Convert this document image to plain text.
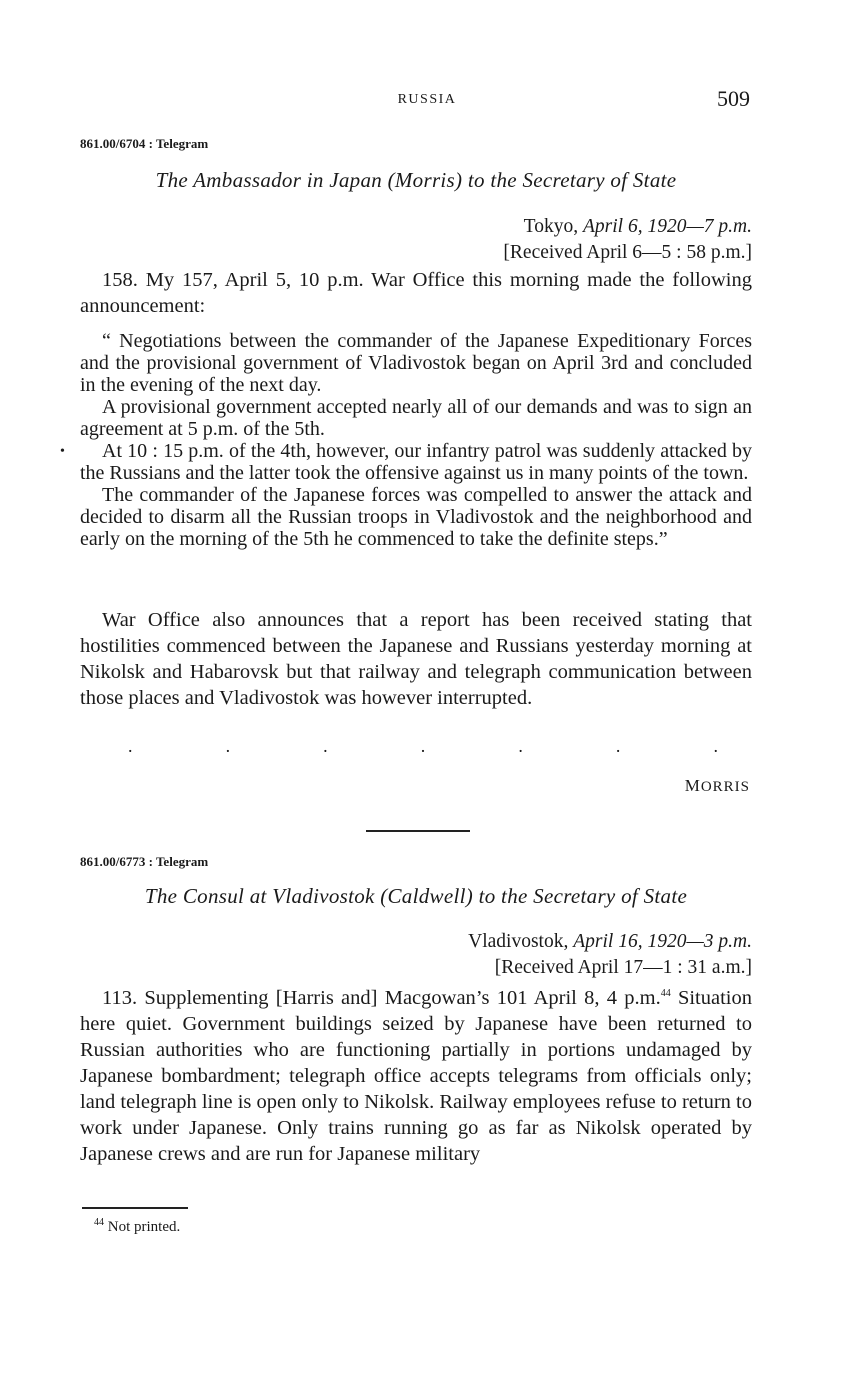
RUSSIA	509
861.00/6704 : Telegram
The Ambassador in Japan (Morris) to the Secretary of State
Tokyo, April 6, 1920—7 p.m.
[Received April 6—5 : 58 p.m.]

158. My 157, April 5, 10 p.m. War Office this morning made the following announcement:

“ Negotiations between the commander of the Japanese Expeditionary Forces and the provisional government of Vladivostok began on April 3rd and concluded in the evening of the next day.

A provisional government accepted nearly all of our demands and was to sign an agreement at 5 p.m. of the 5th.

At 10 : 15 p.m. of the 4th, however, our infantry patrol was suddenly attacked by the Russians and the latter took the offensive against us in many points of the town.

The commander of the Japanese forces was compelled to answer the attack and decided to disarm all the Russian troops in Vladivostok and the neighborhood and early on the morning of the 5th he commenced to take the definite steps.”

•

War Office also announces that a report has been received stating that hostilities commenced between the Japanese and Russians yesterday morning at Nikolsk and Habarovsk but that railway and telegraph communication between those places and Vladivostok was however interrupted.

.	.	.	.	.	.	.
MORRIS
861.00/6773 : Telegram
The Consul at Vladivostok (Caldwell) to the Secretary of State
Vladivostok, April 16, 1920—3 p.m.
[Received April 17—1 : 31 a.m.]

113. Supplementing [Harris and] Macgowan’s 101 April 8, 4 p.m.$^{44}$ Situation here quiet. Government buildings seized by Japanese have been returned to Russian authorities who are functioning partially in portions undamaged by Japanese bombardment; telegraph office accepts telegrams from officials only; land telegraph line is open only to Nikolsk. Railway employees refuse to return to work under Japanese. Only trains running go as far as Nikolsk operated by Japanese crews and are run for Japanese military

$^{44}$ Not printed.
